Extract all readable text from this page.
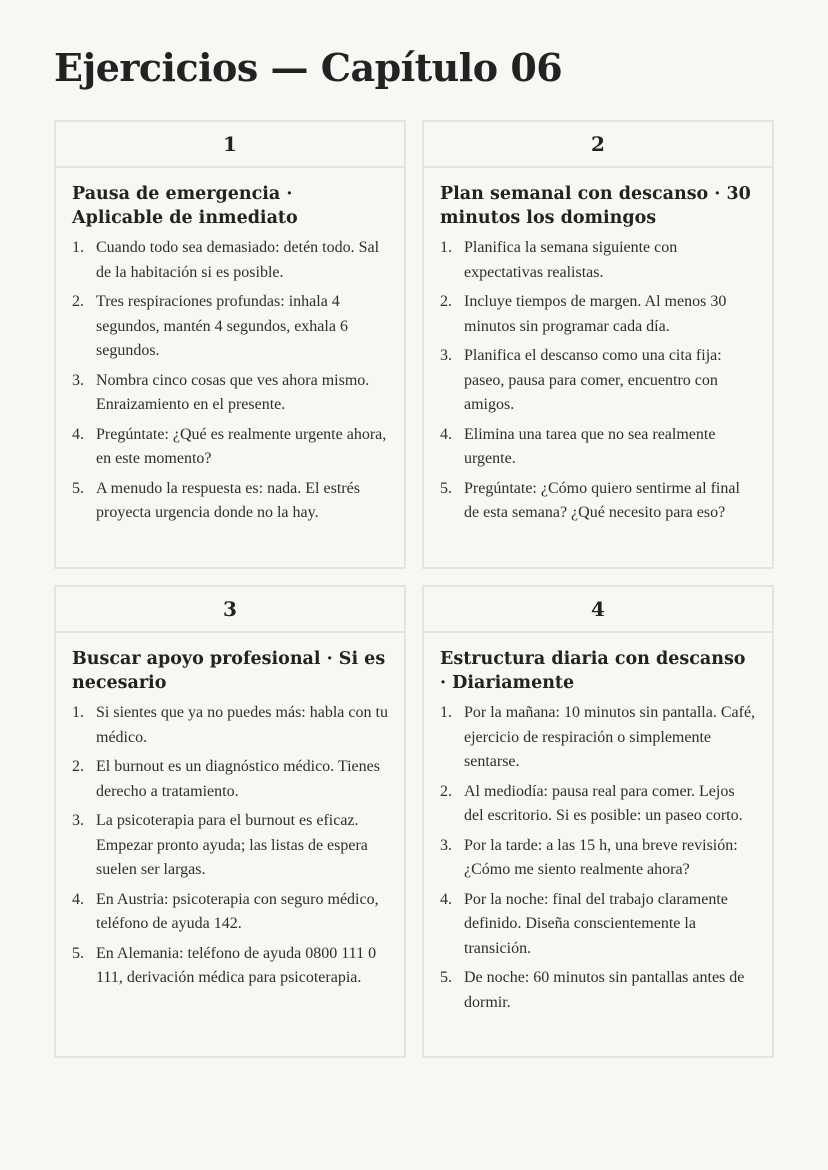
Ejercicios — Capítulo 06
1
Pausa de emergencia · Aplicable de inmediato
1. Cuando todo sea demasiado: detén todo. Sal de la habitación si es posible.
2. Tres respiraciones profundas: inhala 4 segundos, mantén 4 segundos, exhala 6 segundos.
3. Nombra cinco cosas que ves ahora mismo. Enraizamiento en el presente.
4. Pregúntate: ¿Qué es realmente urgente ahora, en este momento?
5. A menudo la respuesta es: nada. El estrés proyecta urgencia donde no la hay.
2
Plan semanal con descanso · 30 minutos los domingos
1. Planifica la semana siguiente con expectativas realistas.
2. Incluye tiempos de margen. Al menos 30 minutos sin programar cada día.
3. Planifica el descanso como una cita fija: paseo, pausa para comer, encuentro con amigos.
4. Elimina una tarea que no sea realmente urgente.
5. Pregúntate: ¿Cómo quiero sentirme al final de esta semana? ¿Qué necesito para eso?
3
Buscar apoyo profesional · Si es necesario
1. Si sientes que ya no puedes más: habla con tu médico.
2. El burnout es un diagnóstico médico. Tienes derecho a tratamiento.
3. La psicoterapia para el burnout es eficaz. Empezar pronto ayuda; las listas de espera suelen ser largas.
4. En Austria: psicoterapia con seguro médico, teléfono de ayuda 142.
5. En Alemania: teléfono de ayuda 0800 111 0 111, derivación médica para psicoterapia.
4
Estructura diaria con descanso · Diariamente
1. Por la mañana: 10 minutos sin pantalla. Café, ejercicio de respiración o simplemente sentarse.
2. Al mediodía: pausa real para comer. Lejos del escritorio. Si es posible: un paseo corto.
3. Por la tarde: a las 15 h, una breve revisión: ¿Cómo me siento realmente ahora?
4. Por la noche: final del trabajo claramente definido. Diseña conscientemente la transición.
5. De noche: 60 minutos sin pantallas antes de dormir.
